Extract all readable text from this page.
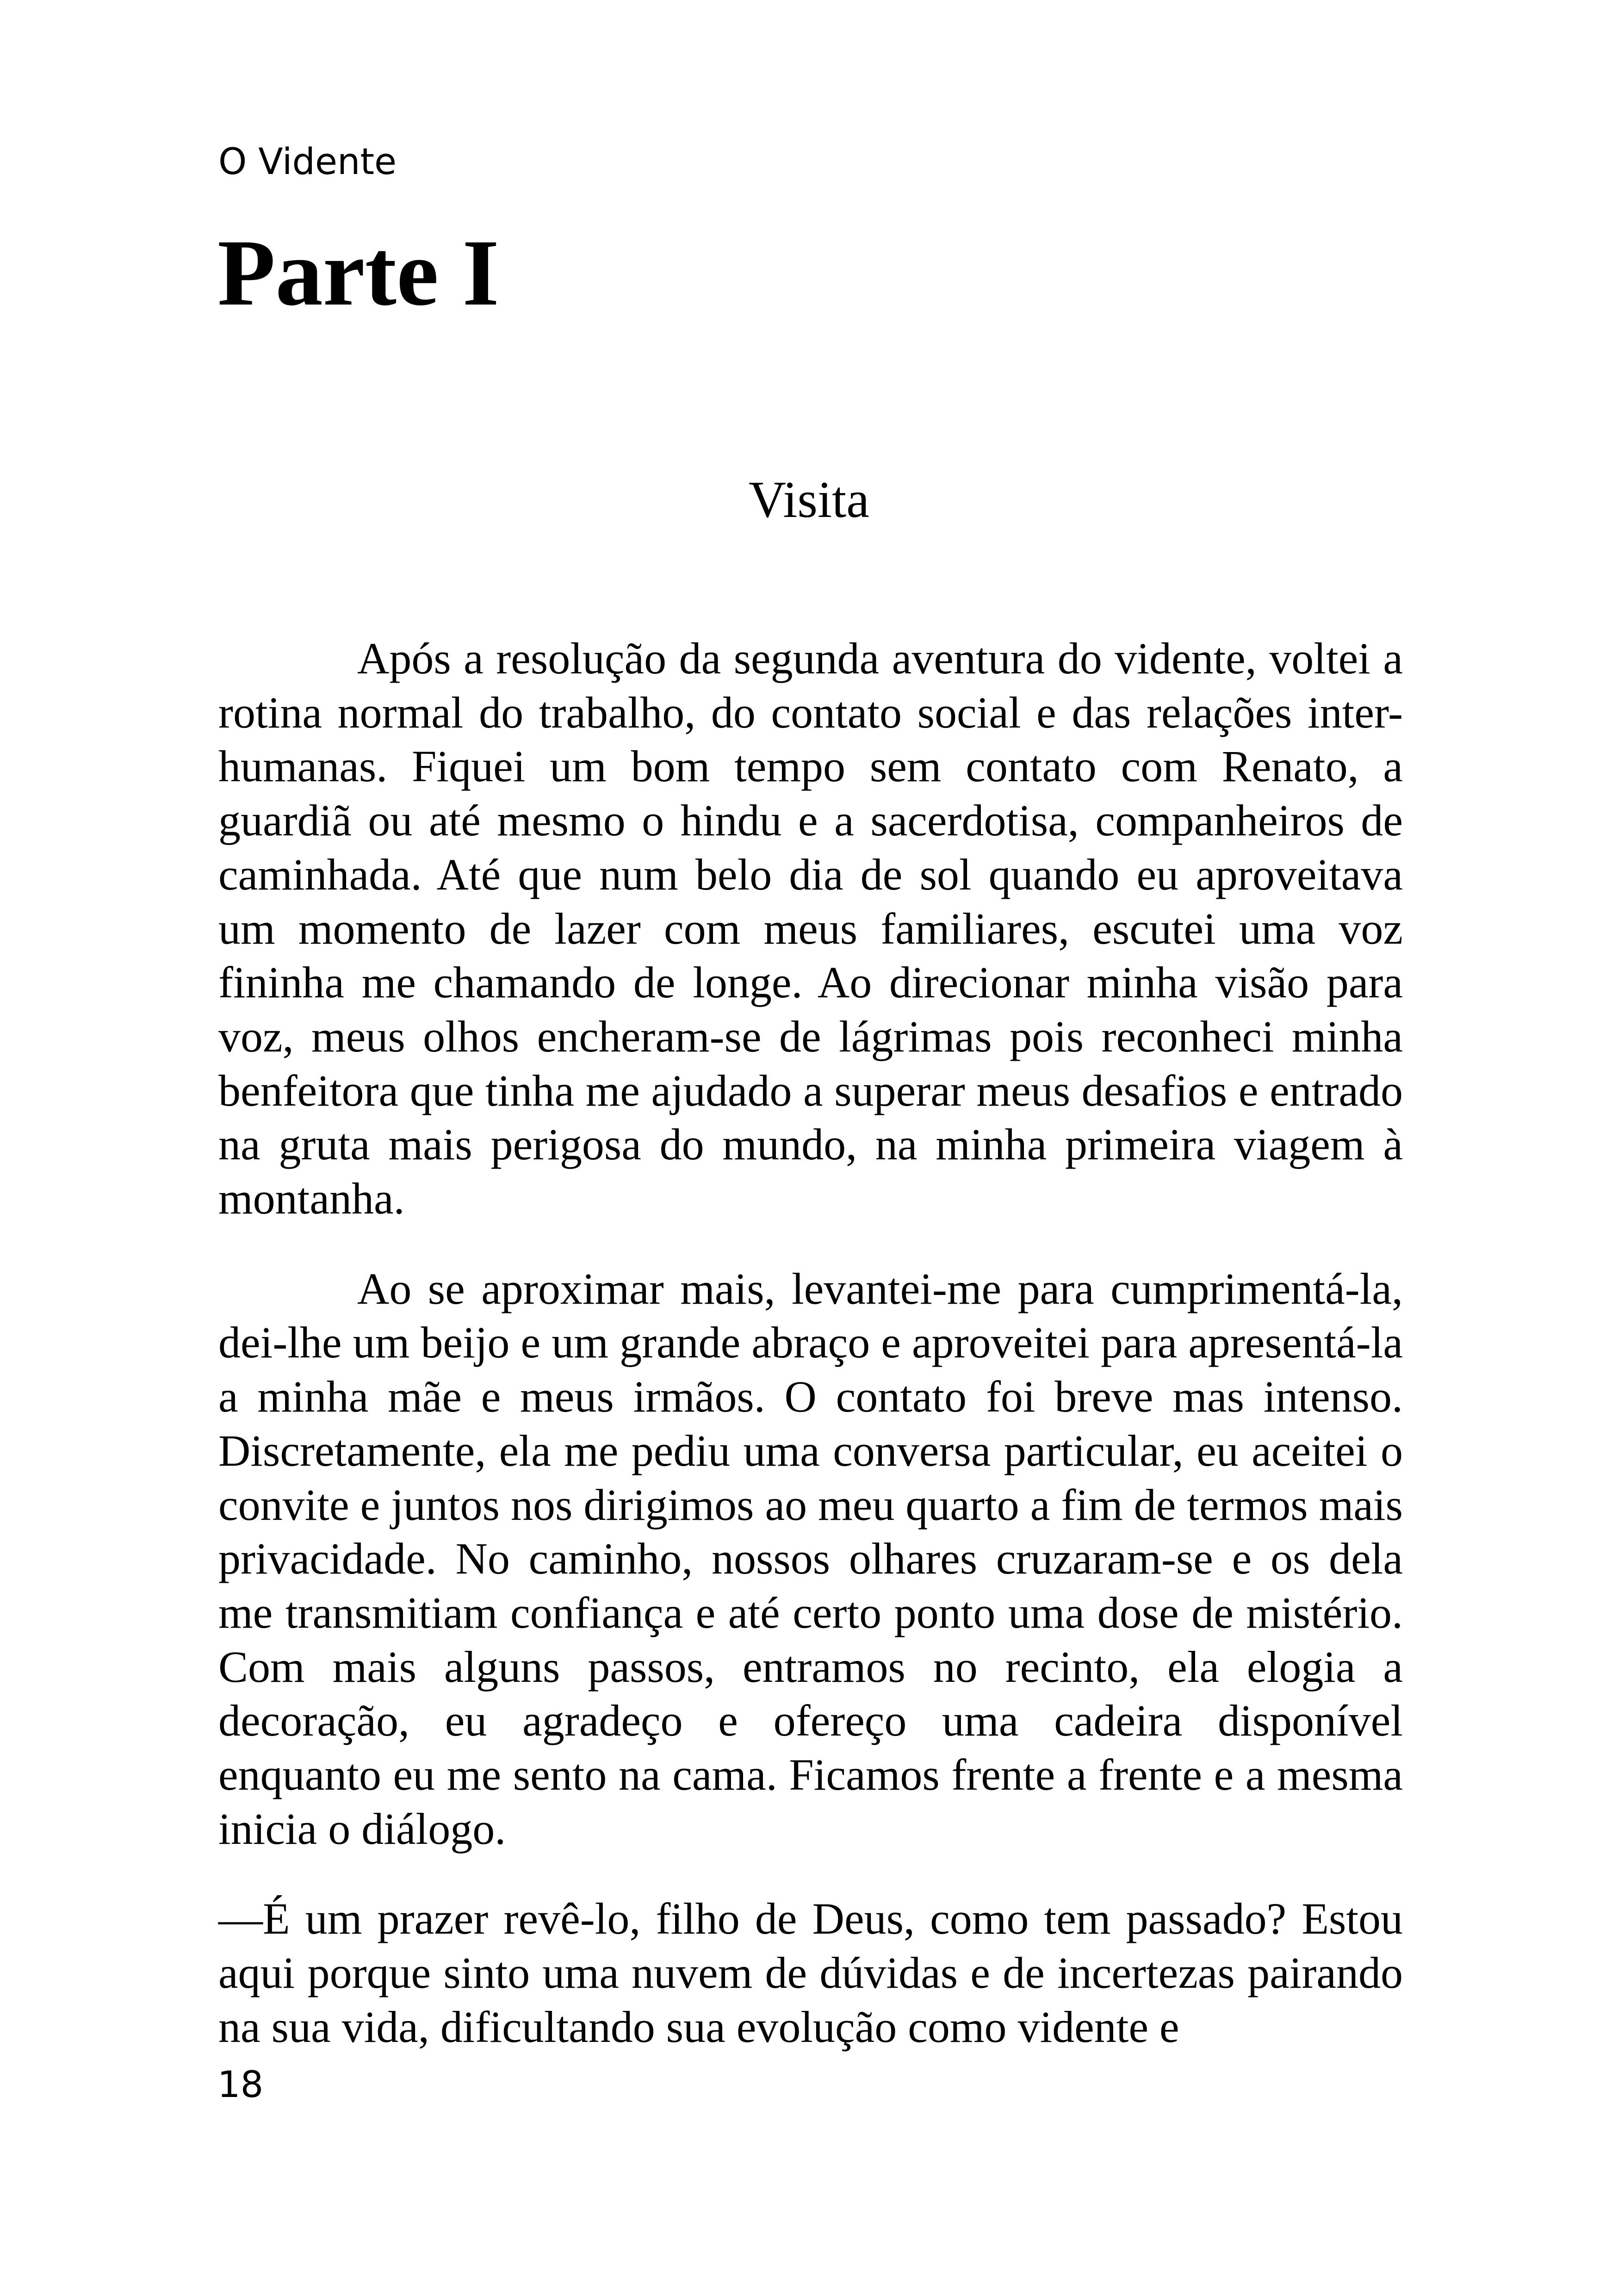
O Vidente

Parte I
Visita

Após a resolução da segunda aventura do vidente, voltei a rotina normal do trabalho, do contato social e das relações inter-humanas. Fiquei um bom tempo sem contato com Renato, a guardiã ou até mesmo o hindu e a sacerdotisa, companheiros de caminhada. Até que num belo dia de sol quando eu aproveitava um momento de lazer com meus familiares, escutei uma voz fininha me chamando de longe. Ao direcionar minha visão para voz, meus olhos encheram-se de lágrimas pois reconheci minha benfeitora que tinha me ajudado a superar meus desafios e entrado na gruta mais perigosa do mundo, na minha primeira viagem à montanha.

Ao se aproximar mais, levantei-me para cumprimentá-la, dei-lhe um beijo e um grande abraço e aproveitei para apresentá-la a minha mãe e meus irmãos. O contato foi breve mas intenso. Discretamente, ela me pediu uma conversa particular, eu aceitei o convite e juntos nos dirigimos ao meu quarto a fim de termos mais privacidade. No caminho, nossos olhares cruzaram-se e os dela me transmitiam confiança e até certo ponto uma dose de mistério. Com mais alguns passos, entramos no recinto, ela elogia a decoração, eu agradeço e ofereço uma cadeira disponível enquanto eu me sento na cama. Ficamos frente a frente e a mesma inicia o diálogo.

—É um prazer revê-lo, filho de Deus, como tem passado? Estou aqui porque sinto uma nuvem de dúvidas e de incertezas pairando na sua vida, dificultando sua evolução como vidente e

18
